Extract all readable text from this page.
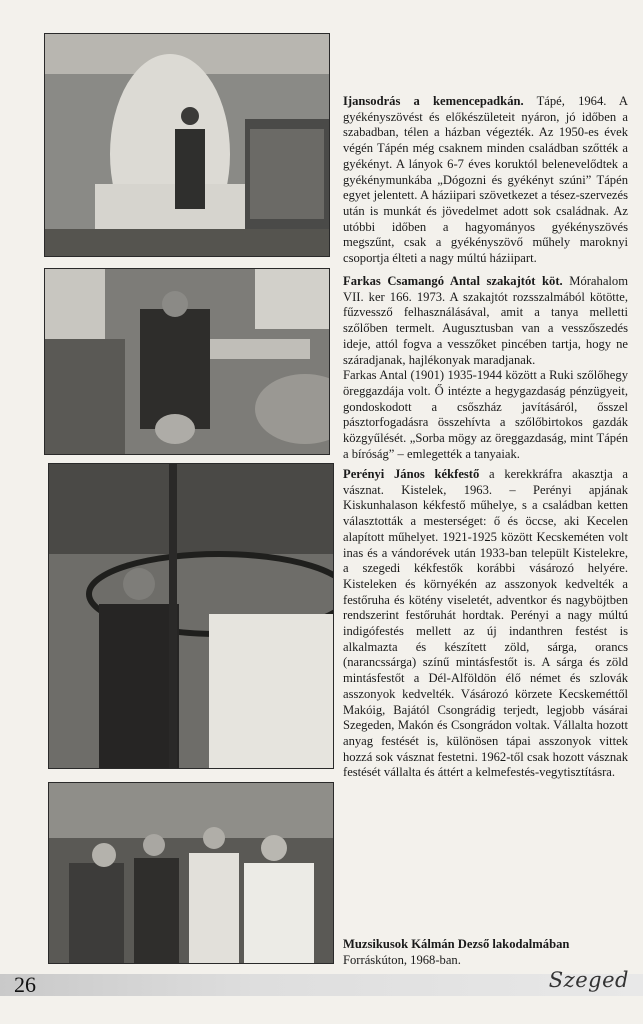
Ijansodrás a kemencepadkán. Tápé, 1964. A gyékényszövést és előkészületeit nyáron, jó időben a szabadban, télen a házban végezték. Az 1950-es évek végén Tápén még csaknem minden családban szőtték a gyékényt. A lányok 6-7 éves koruktól belenevelődtek a gyékénymunkába „Dógozni és gyékényt szúni” Tápén egyet jelentett. A háziipari szövetkezet a tésez-szervezés után is munkát és jövedelmet adott sok családnak. Az utóbbi időben a hagyományos gyékényszövés megszűnt, csak a gyékényszövő műhely maroknyi csoportja élteti a nagy múltú háziipart.

Farkas Csamangó Antal szakajtót köt. Mórahalom VII. ker 166. 1973. A szakajtót rozsszalmából kötötte, fűzvessző felhasználásával, amit a tanya melletti szőlőben termelt. Augusztusban van a vesszőszedés ideje, attól fogva a vesszőket pincében tartja, hogy ne száradjanak, hajlékonyak maradjanak.

Farkas Antal (1901) 1935-1944 között a Ruki szőlőhegy öreggazdája volt. Ő intézte a hegygazdaság pénzügyeit, gondoskodott a csőszház javításáról, ősszel pásztorfogadásra összehívta a szőlőbirtokos gazdák közgyűlését. „Sorba mögy az öreggazdaság, mint Tápén a bíróság” – emlegették a tanyaiak.

Perényi János kékfestő a kerekkráfra akasztja a vásznat. Kistelek, 1963. – Perényi apjának Kiskunhalason kékfestő műhelye, s a családban ketten választották a mesterséget: ő és öccse, aki Kecelen alapított műhelyet. 1921-1925 között Kecskeméten volt inas és a vándorévek után 1933-ban települt Kistelekre, a szegedi kékfestők korábbi vásározó helyére. Kisteleken és környékén az asszonyok kedvelték a festőruha és kötény viseletét, adventkor és nagyböjtben rendszerint festőruhát hordtak. Perényi a nagy múltú indigófestés mellett az új indanthren festést is alkalmazta és készített zöld, sárga, orancs (narancssárga) színű mintásfestőt is. A sárga és zöld mintásfestőt a Dél-Alföldön élő német és szlovák asszonyok kedvelték. Vásározó körzete Kecskeméttől Makóig, Bajától Csongrádig terjedt, legjobb vásárai Szegeden, Makón és Csongrádon voltak. Vállalta hozott anyag festését is, különösen tápai asszonyok vittek hozzá sok vásznat festetni. 1962-től csak hozott vásznak festését vállalta és áttért a kelmefestés-vegytisztításra.

Muzsikusok Kálmán Dezső lakodalmában

Forráskúton, 1968-ban.

26	Szeged
